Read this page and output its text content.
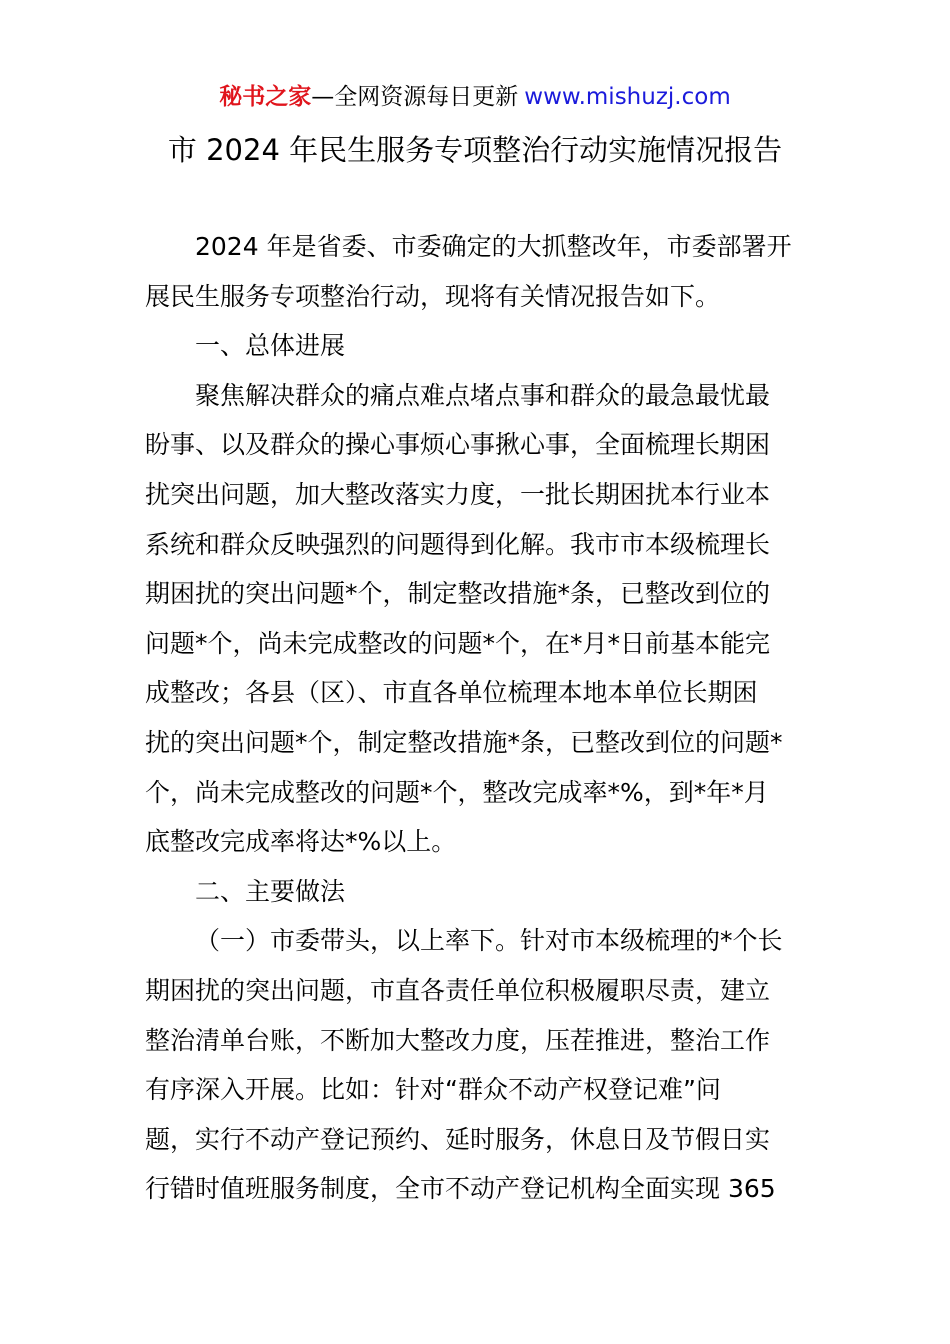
秘书之家—全网资源每日更新 www.mishuzj.com
市 2024 年民生服务专项整治行动实施情况报告
2024 年是省委、市委确定的大抓整改年，市委部署开
展民生服务专项整治行动，现将有关情况报告如下。
一、总体进展
聚焦解决群众的痛点难点堵点事和群众的最急最忧最
盼事、以及群众的操心事烦心事揪心事，全面梳理长期困
扰突出问题，加大整改落实力度，一批长期困扰本行业本
系统和群众反映强烈的问题得到化解。我市市本级梳理长
期困扰的突出问题*个，制定整改措施*条，已整改到位的
问题*个，尚未完成整改的问题*个，在*月*日前基本能完
成整改；各县（区）、市直各单位梳理本地本单位长期困
扰的突出问题*个，制定整改措施*条，已整改到位的问题*
个，尚未完成整改的问题*个，整改完成率*%，到*年*月
底整改完成率将达*%以上。
二、主要做法
（一）市委带头，以上率下。针对市本级梳理的*个长
期困扰的突出问题，市直各责任单位积极履职尽责，建立
整治清单台账，不断加大整改力度，压茬推进，整治工作
有序深入开展。比如：针对“群众不动产权登记难”问
题，实行不动产登记预约、延时服务，休息日及节假日实
行错时值班服务制度，全市不动产登记机构全面实现 365
